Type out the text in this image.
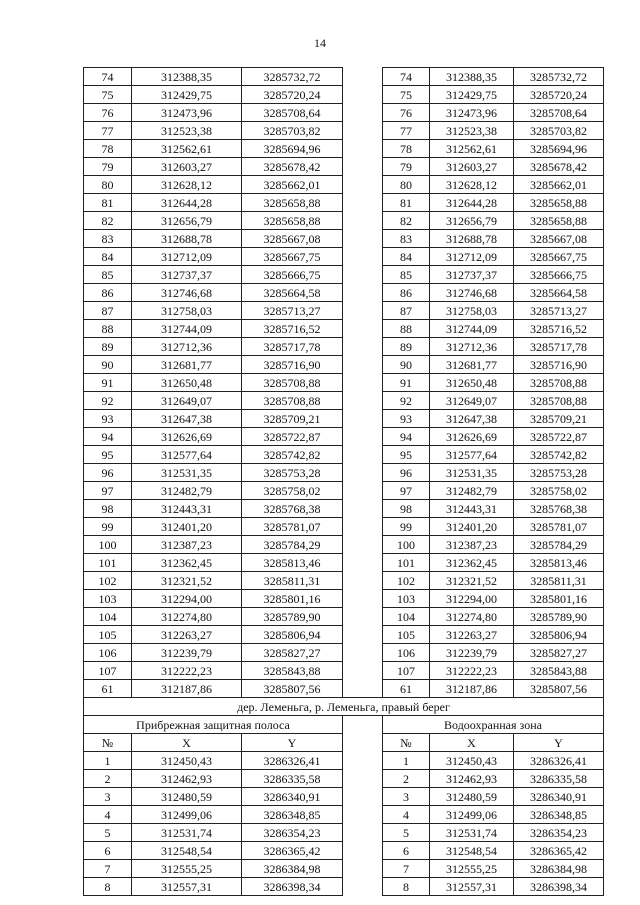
14
74	312388,35	3285732,72		74	312388,35	3285732,72
75	312429,75	3285720,24		75	312429,75	3285720,24
76	312473,96	3285708,64		76	312473,96	3285708,64
77	312523,38	3285703,82		77	312523,38	3285703,82
78	312562,61	3285694,96		78	312562,61	3285694,96
79	312603,27	3285678,42		79	312603,27	3285678,42
80	312628,12	3285662,01		80	312628,12	3285662,01
81	312644,28	3285658,88		81	312644,28	3285658,88
82	312656,79	3285658,88		82	312656,79	3285658,88
83	312688,78	3285667,08		83	312688,78	3285667,08
84	312712,09	3285667,75		84	312712,09	3285667,75
85	312737,37	3285666,75		85	312737,37	3285666,75
86	312746,68	3285664,58		86	312746,68	3285664,58
87	312758,03	3285713,27		87	312758,03	3285713,27
88	312744,09	3285716,52		88	312744,09	3285716,52
89	312712,36	3285717,78		89	312712,36	3285717,78
90	312681,77	3285716,90		90	312681,77	3285716,90
91	312650,48	3285708,88		91	312650,48	3285708,88
92	312649,07	3285708,88		92	312649,07	3285708,88
93	312647,38	3285709,21		93	312647,38	3285709,21
94	312626,69	3285722,87		94	312626,69	3285722,87
95	312577,64	3285742,82		95	312577,64	3285742,82
96	312531,35	3285753,28		96	312531,35	3285753,28
97	312482,79	3285758,02		97	312482,79	3285758,02
98	312443,31	3285768,38		98	312443,31	3285768,38
99	312401,20	3285781,07		99	312401,20	3285781,07
100	312387,23	3285784,29		100	312387,23	3285784,29
101	312362,45	3285813,46		101	312362,45	3285813,46
102	312321,52	3285811,31		102	312321,52	3285811,31
103	312294,00	3285801,16		103	312294,00	3285801,16
104	312274,80	3285789,90		104	312274,80	3285789,90
105	312263,27	3285806,94		105	312263,27	3285806,94
106	312239,79	3285827,27		106	312239,79	3285827,27
107	312222,23	3285843,88		107	312222,23	3285843,88
61	312187,86	3285807,56		61	312187,86	3285807,56
дер. Леменьга, р. Леменьга, правый берег						
Прибрежная защитная полоса				Водоохранная зона		
№	X	Y		№	X	Y
1	312450,43	3286326,41		1	312450,43	3286326,41
2	312462,93	3286335,58		2	312462,93	3286335,58
3	312480,59	3286340,91		3	312480,59	3286340,91
4	312499,06	3286348,85		4	312499,06	3286348,85
5	312531,74	3286354,23		5	312531,74	3286354,23
6	312548,54	3286365,42		6	312548,54	3286365,42
7	312555,25	3286384,98		7	312555,25	3286384,98
8	312557,31	3286398,34		8	312557,31	3286398,34
